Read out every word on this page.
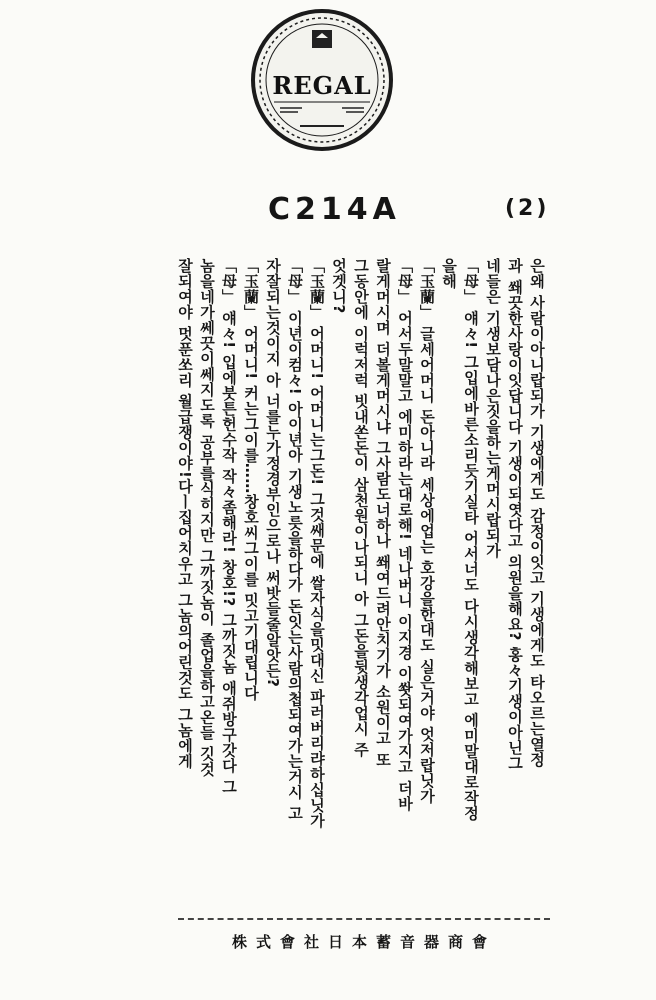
REGAL
C214A	(2)
은왜 사람이아니랍되가 기생에게도 감정이잇고 기생에게도 타오르는열정
과 쐐끗한사랑이잇답니다 기생이되엿다고 의원을해요? 홍々기생이아닌그
네들은 기생보담나은짓을하는게머시랍되가
「母」 얘々! 그입에바른소리듯기실타 어서너도 다시생각해보고 에미말대로작정
을해
「玉蘭」 글세어머니 돈아니라 세상에업는 호강을한대도 실은거야 엇저랍닛가
「母」 어서두말말고 에미하라는대로해! 네나버니 이지경 이쐇되여가지고 더바
랄게머시며 더볼게머시냐 그사람도너하나 쐐여드려안치기가 소원이고 또
그동안에 이럭저럭 빗내쏜돈이 삼천원이나되니 아 그돈을뒷생각업시 주
엇겟니?
「玉蘭」 어머니! 어머니는그돈! 그것쌔문에 쌀자식을밋대신 파러버리랴하십닛가
「母」 이년이컴々! 아이년아 기생노릇을하다가 돈잇는사람의첩되여가는거시 고
자잘되는것이지 아 너를누가정경부인으로나 써밧들줄알앗든?
「玉蘭」 어머니! 커는그이를……창호씨그이를 밋고기대립니다
「母」 얘々! 입에붓튼헌수작 작々좀해라! 창호!? 그까짓놈 애쥐방구갓다 그
놈을네가쎄끗이쎄지도록 공부를식히지만 그까짓놈이 졸업을하고온들 깃것
잘되여야 멋푼쏘리 월급쟁이야!다ㅣ집어치우고 그놈의어린것도 그놈에게
株式會社日本蓄音器商會
